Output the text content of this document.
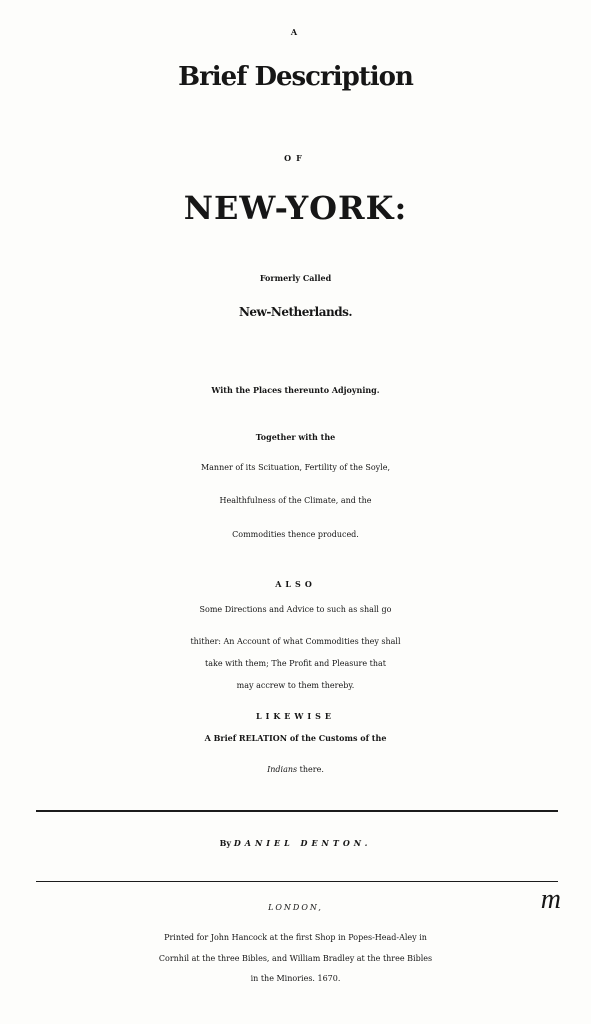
A
Brief Description
OF
NEW-YORK:
Formerly Called
New-Netherlands.
With the Places thereunto Adjoyning.
Together with the
Manner of its Scituation, Fertility of the Soyle,
Healthfulness of the Climate, and the
Commodities thence produced.
ALSO
Some Directions and Advice to such as shall go
thither: An Account of what Commodities they shall
take with them; The Profit and Pleasure that
may accrew to them thereby.
LIKEWISE
A Brief RELATION of the Customs of the
Indians there.
By DANIEL DENTON.
m
LONDON,
Printed for John Hancock at the first Shop in Popes-Head-Aley in
Cornhil at the three Bibles, and William Bradley at the three Bibles
in the Minories. 1670.
